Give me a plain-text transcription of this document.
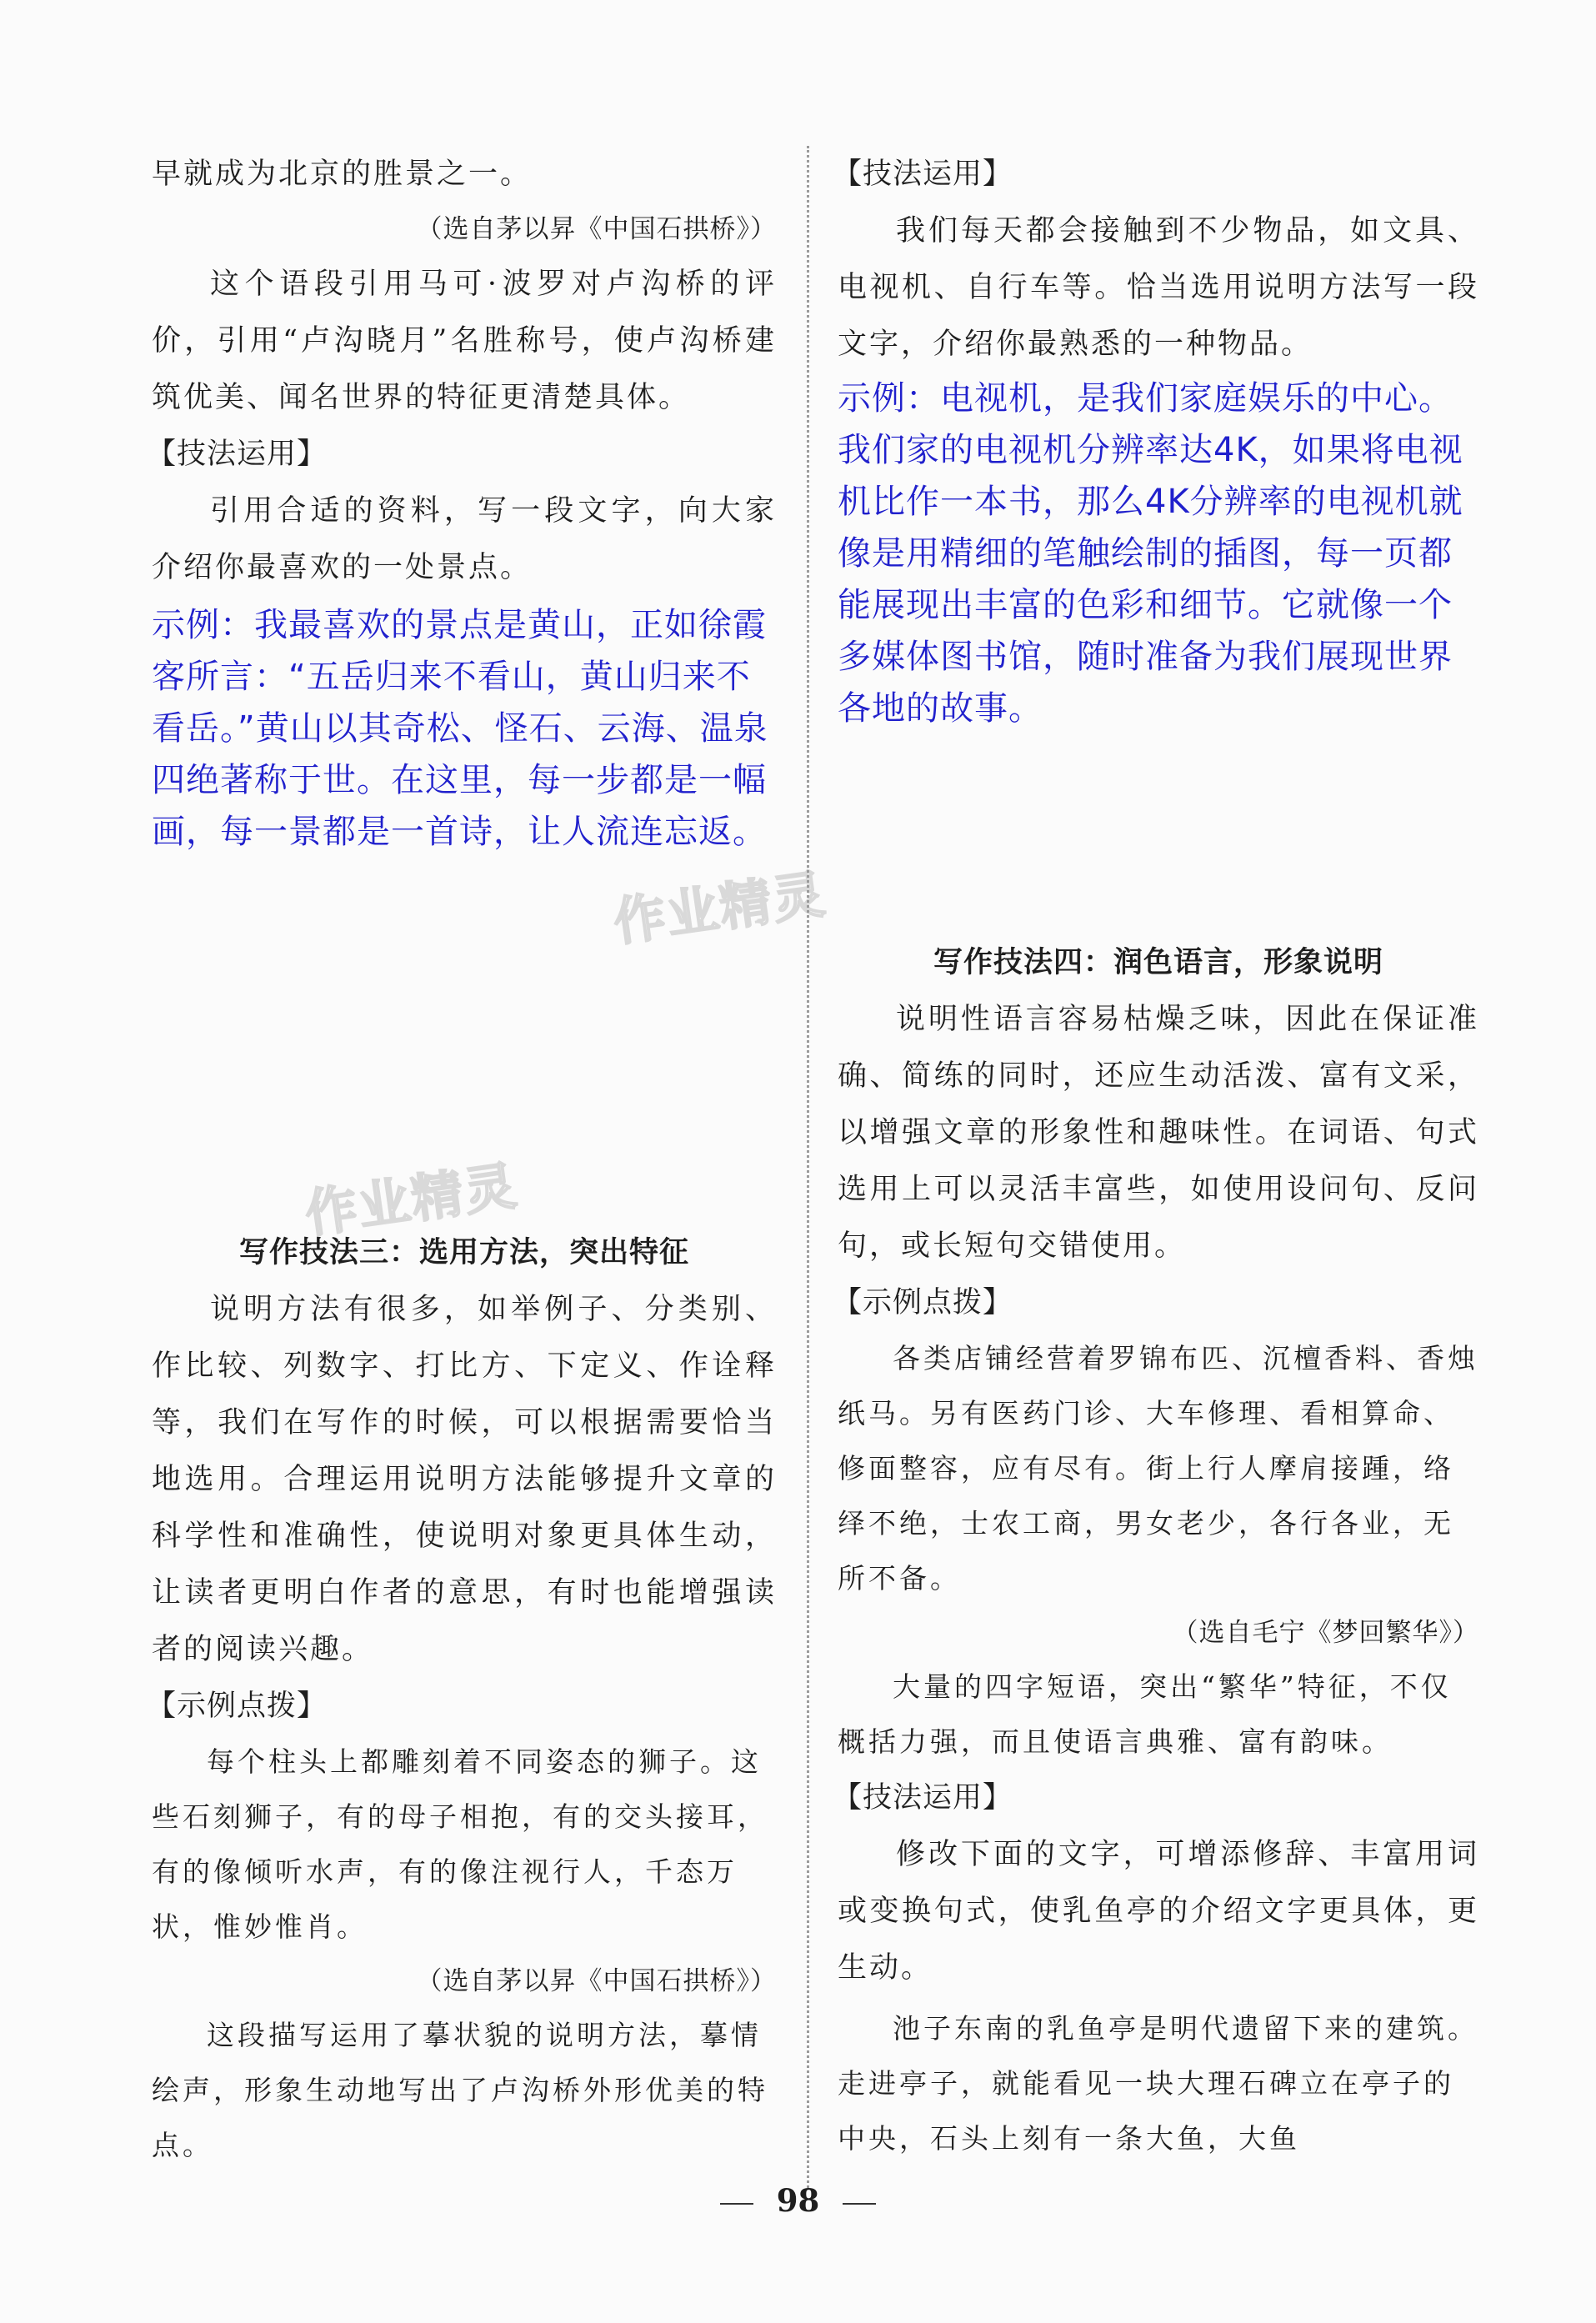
作业精灵
作业精灵

早就成为北京的胜景之一。

（选自茅以昇《中国石拱桥》）

这个语段引用马可·波罗对卢沟桥的评价，引用“卢沟晓月”名胜称号，使卢沟桥建筑优美、闻名世界的特征更清楚具体。

【技法运用】

引用合适的资料，写一段文字，向大家介绍你最喜欢的一处景点。

示例：我最喜欢的景点是黄山，正如徐霞客所言：“五岳归来不看山，黄山归来不看岳。”黄山以其奇松、怪石、云海、温泉四绝著称于世。在这里，每一步都是一幅画，每一景都是一首诗，让人流连忘返。

写作技法三：选用方法，突出特征

说明方法有很多，如举例子、分类别、作比较、列数字、打比方、下定义、作诠释等，我们在写作的时候，可以根据需要恰当地选用。合理运用说明方法能够提升文章的科学性和准确性，使说明对象更具体生动，让读者更明白作者的意思，有时也能增强读者的阅读兴趣。

【示例点拨】

每个柱头上都雕刻着不同姿态的狮子。这些石刻狮子，有的母子相抱，有的交头接耳，有的像倾听水声，有的像注视行人，千态万状，惟妙惟肖。

（选自茅以昇《中国石拱桥》）

这段描写运用了摹状貌的说明方法，摹情绘声，形象生动地写出了卢沟桥外形优美的特点。

【技法运用】

我们每天都会接触到不少物品，如文具、电视机、自行车等。恰当选用说明方法写一段文字，介绍你最熟悉的一种物品。

示例：电视机，是我们家庭娱乐的中心。我们家的电视机分辨率达4K，如果将电视机比作一本书，那么4K分辨率的电视机就像是用精细的笔触绘制的插图，每一页都能展现出丰富的色彩和细节。它就像一个多媒体图书馆，随时准备为我们展现世界各地的故事。

写作技法四：润色语言，形象说明

说明性语言容易枯燥乏味，因此在保证准确、简练的同时，还应生动活泼、富有文采，以增强文章的形象性和趣味性。在词语、句式选用上可以灵活丰富些，如使用设问句、反问句，或长短句交错使用。

【示例点拨】

各类店铺经营着罗锦布匹、沉檀香料、香烛纸马。另有医药门诊、大车修理、看相算命、修面整容，应有尽有。街上行人摩肩接踵，络绎不绝，士农工商，男女老少，各行各业，无所不备。

（选自毛宁《梦回繁华》）

大量的四字短语，突出“繁华”特征，不仅概括力强，而且使语言典雅、富有韵味。

【技法运用】

修改下面的文字，可增添修辞、丰富用词或变换句式，使乳鱼亭的介绍文字更具体，更生动。

池子东南的乳鱼亭是明代遗留下来的建筑。走进亭子，就能看见一块大理石碑立在亭子的中央，石头上刻有一条大鱼，大鱼

98
